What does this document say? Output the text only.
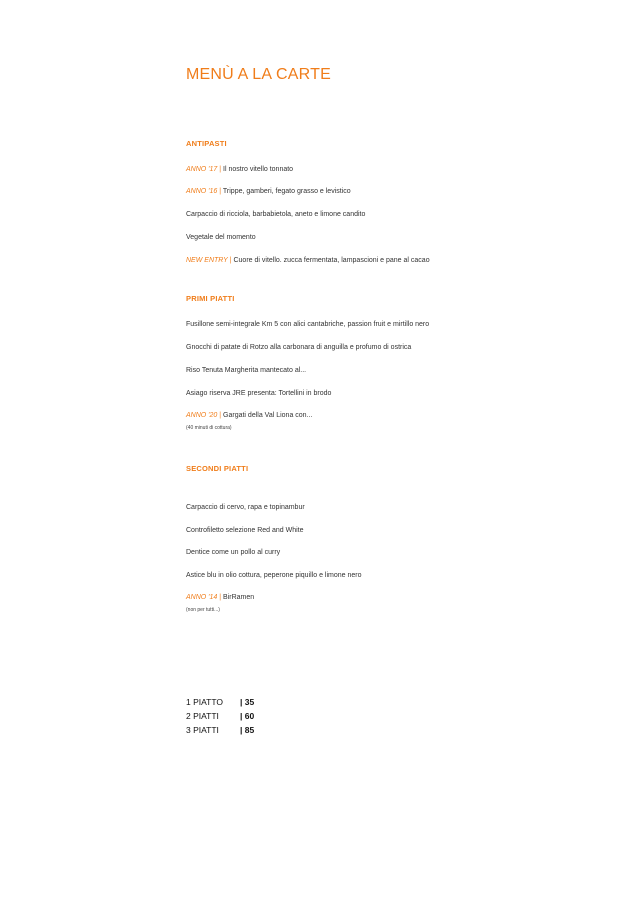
MENÙ A LA CARTE
ANTIPASTI
ANNO '17 | Il nostro vitello tonnato
ANNO '16 | Trippe, gamberi, fegato grasso e levistico
Carpaccio di ricciola, barbabietola, aneto e limone candito
Vegetale del momento
NEW ENTRY | Cuore di vitello. zucca fermentata, lampascioni e pane al cacao
PRIMI PIATTI
Fusillone semi-integrale Km 5 con alici cantabriche, passion fruit e mirtillo nero
Gnocchi di patate di Rotzo alla carbonara di anguilla e profumo di ostrica
Riso Tenuta Margherita mantecato al...
Asiago riserva JRE presenta: Tortellini in brodo
ANNO '20 | Gargati della Val Liona con...
(40 minuti di cottura)
SECONDI PIATTI
Carpaccio di cervo, rapa e topinambur
Controfiletto selezione Red and White
Dentice come un pollo al curry
Astice blu in olio cottura, peperone piquillo e limone nero
ANNO '14 | BirRamen
(non per tutti...)
1 PIATTO | 35
2 PIATTI | 60
3 PIATTI | 85
